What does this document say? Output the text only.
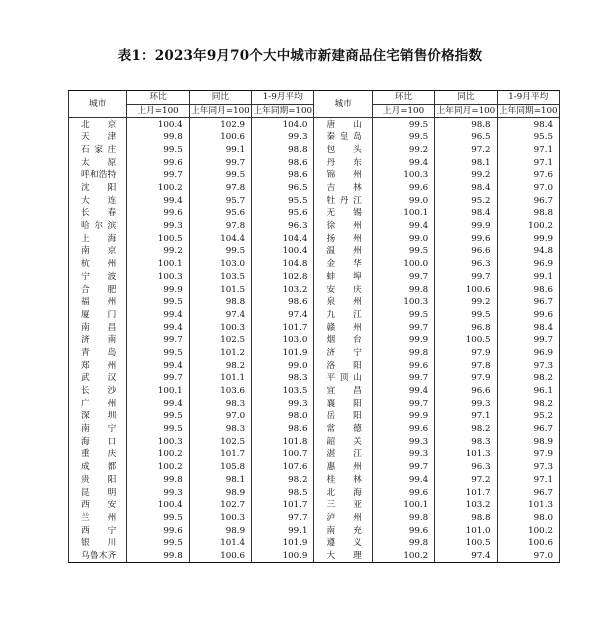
表1：2023年9月70个大中城市新建商品住宅销售价格指数
城市	环比	同比	1-9月平均	城市	环比	同比	1-9月平均
	上月=100	上年同月=100	上年同期=100		上月=100	上年同月=100	上年同期=100
北京	100.4	102.9	104.0	唐山	99.5	98.8	98.4
天津	99.8	100.6	99.3	秦皇岛	99.5	96.5	95.5
石家庄	99.5	99.1	98.8	包头	99.2	97.2	97.1
太原	99.6	99.7	98.6	丹东	99.4	98.1	97.1
呼和浩特	99.7	99.5	98.6	锦州	100.3	99.2	97.6
沈阳	100.2	97.8	96.5	吉林	99.6	98.4	97.0
大连	99.4	95.7	95.5	牡丹江	99.0	95.2	96.7
长春	99.6	95.6	95.6	无锡	100.1	98.4	98.8
哈尔滨	99.3	97.8	96.3	徐州	99.4	99.9	100.2
上海	100.5	104.4	104.4	扬州	99.0	99.6	99.9
南京	99.2	99.5	100.4	温州	99.5	96.6	94.8
杭州	100.1	103.0	104.8	金华	100.0	96.3	96.9
宁波	100.3	103.5	102.8	蚌埠	99.7	99.7	99.1
合肥	99.9	101.5	103.2	安庆	99.8	100.6	98.6
福州	99.5	98.8	98.6	泉州	100.3	99.2	96.7
厦门	99.4	97.4	97.4	九江	99.5	99.5	99.6
南昌	99.4	100.3	101.7	赣州	99.7	96.8	98.4
济南	99.7	102.5	103.0	烟台	99.9	100.5	99.7
青岛	99.5	101.2	101.9	济宁	99.8	97.9	96.9
郑州	99.4	98.2	99.0	洛阳	99.6	97.8	97.3
武汉	99.7	101.1	98.3	平顶山	99.7	97.9	98.2
长沙	100.1	103.6	103.5	宜昌	99.4	96.6	96.1
广州	99.4	98.3	99.3	襄阳	99.7	99.3	98.2
深圳	99.5	97.0	98.0	岳阳	99.9	97.1	95.2
南宁	99.5	98.3	98.6	常德	99.6	98.2	96.7
海口	100.3	102.5	101.8	韶关	99.3	98.3	98.9
重庆	100.2	101.7	100.7	湛江	99.3	101.3	97.9
成都	100.2	105.8	107.6	惠州	99.7	96.3	97.3
贵阳	99.8	98.1	98.2	桂林	99.4	97.2	97.1
昆明	99.3	98.9	98.5	北海	99.6	101.7	96.7
西安	100.4	102.7	101.7	三亚	100.1	103.2	101.3
兰州	99.5	100.3	97.7	泸州	99.8	98.8	98.0
西宁	99.6	98.9	99.1	南充	99.6	101.0	100.2
银川	99.5	101.4	101.9	遵义	99.8	100.5	100.6
乌鲁木齐	99.8	100.6	100.9	大理	100.2	97.4	97.0
